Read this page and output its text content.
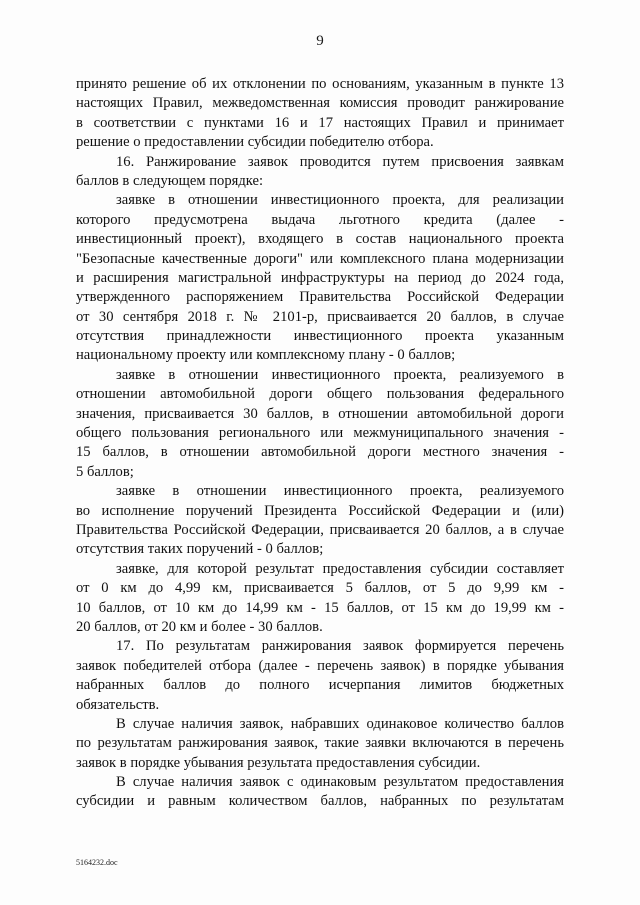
9
принято решение об их отклонении по основаниям, указанным в пункте 13
настоящих Правил, межведомственная комиссия проводит ранжирование
в соответствии с пунктами 16 и 17 настоящих Правил и принимает
решение о предоставлении субсидии победителю отбора.
16. Ранжирование заявок проводится путем присвоения заявкам
баллов в следующем порядке:
заявке в отношении инвестиционного проекта, для реализации
которого предусмотрена выдача льготного кредита (далее -
инвестиционный проект), входящего в состав национального проекта
"Безопасные качественные дороги" или комплексного плана модернизации
и расширения магистральной инфраструктуры на период до 2024 года,
утвержденного распоряжением Правительства Российской Федерации
от 30 сентября 2018 г. № 2101-р, присваивается 20 баллов, в случае
отсутствия принадлежности инвестиционного проекта указанным
национальному проекту или комплексному плану - 0 баллов;
заявке в отношении инвестиционного проекта, реализуемого в
отношении автомобильной дороги общего пользования федерального
значения, присваивается 30 баллов, в отношении автомобильной дороги
общего пользования регионального или межмуниципального значения -
15 баллов, в отношении автомобильной дороги местного значения -
5 баллов;
заявке в отношении инвестиционного проекта, реализуемого
во исполнение поручений Президента Российской Федерации и (или)
Правительства Российской Федерации, присваивается 20 баллов, а в случае
отсутствия таких поручений - 0 баллов;
заявке, для которой результат предоставления субсидии составляет
от 0 км до 4,99 км, присваивается 5 баллов, от 5 до 9,99 км -
10 баллов, от 10 км до 14,99 км - 15 баллов, от 15 км до 19,99 км -
20 баллов, от 20 км и более - 30 баллов.
17. По результатам ранжирования заявок формируется перечень
заявок победителей отбора (далее - перечень заявок) в порядке убывания
набранных баллов до полного исчерпания лимитов бюджетных
обязательств.
В случае наличия заявок, набравших одинаковое количество баллов
по результатам ранжирования заявок, такие заявки включаются в перечень
заявок в порядке убывания результата предоставления субсидии.
В случае наличия заявок с одинаковым результатом предоставления
субсидии и равным количеством баллов, набранных по результатам
5164232.doc
